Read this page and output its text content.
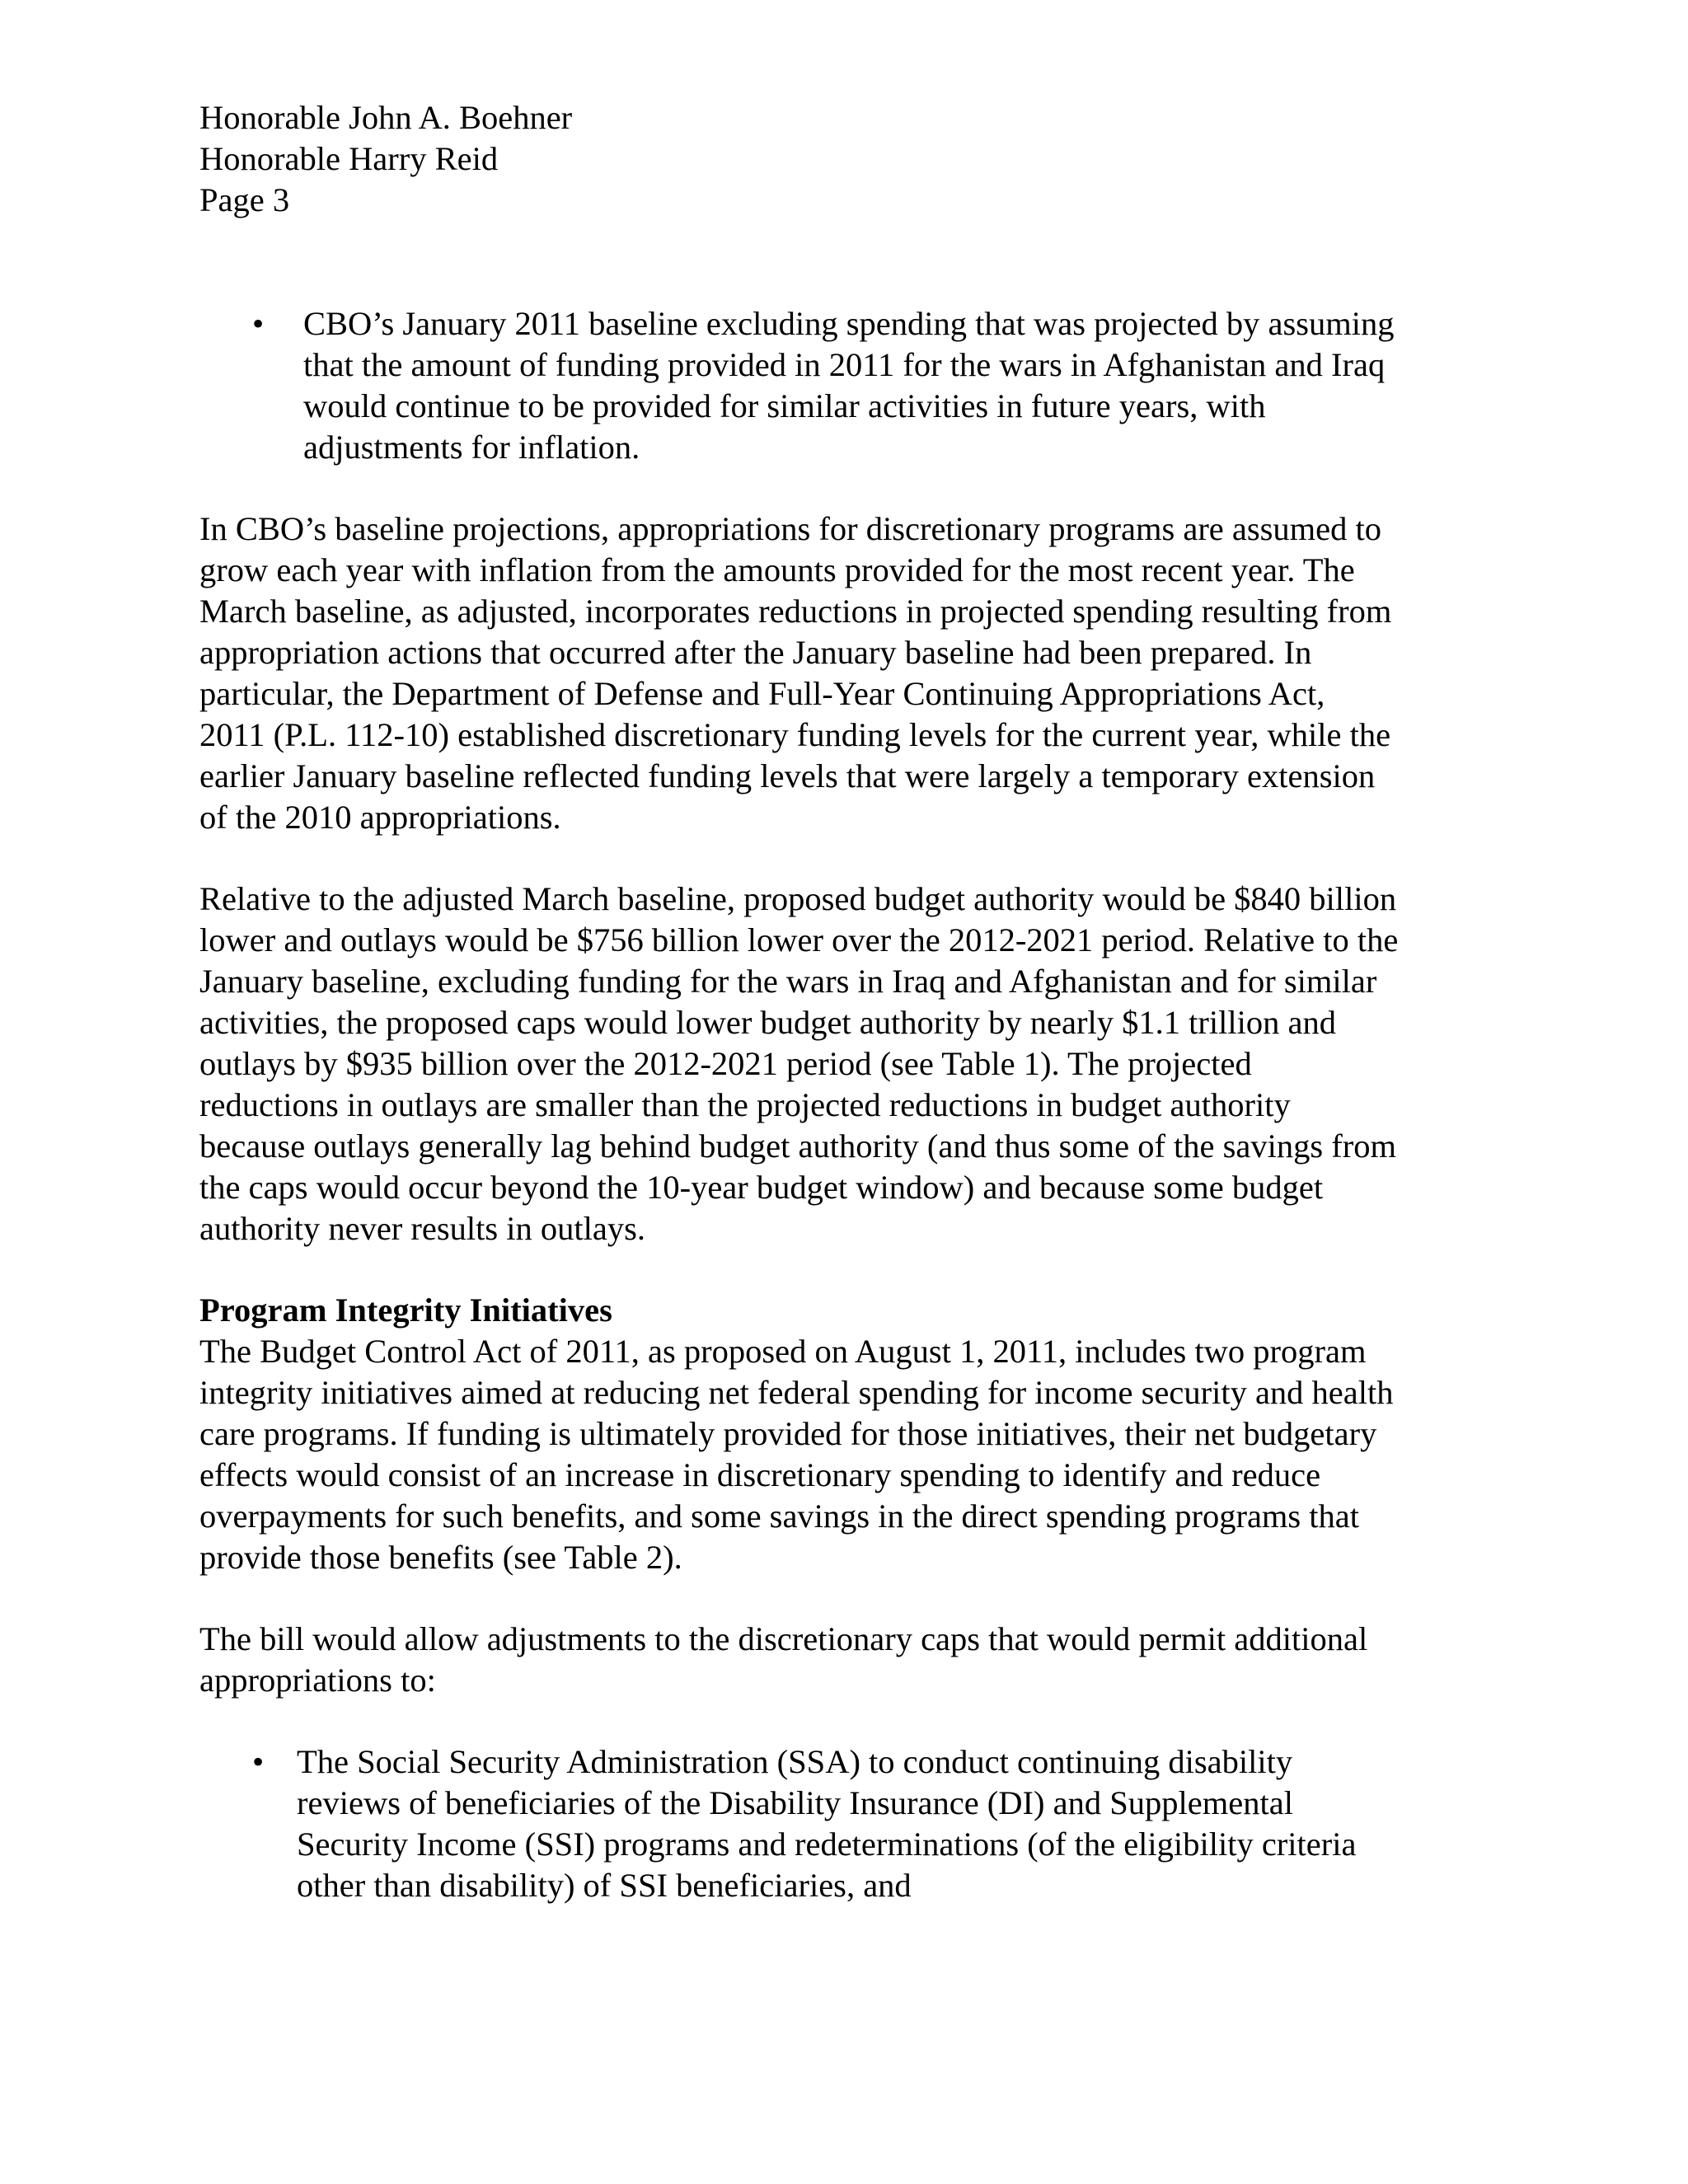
Honorable John A. Boehner
Honorable Harry Reid
Page 3
• CBO’s January 2011 baseline excluding spending that was projected by assuming
that the amount of funding provided in 2011 for the wars in Afghanistan and Iraq
would continue to be provided for similar activities in future years, with
adjustments for inflation.

In CBO’s baseline projections, appropriations for discretionary programs are assumed to
grow each year with inflation from the amounts provided for the most recent year. The
March baseline, as adjusted, incorporates reductions in projected spending resulting from
appropriation actions that occurred after the January baseline had been prepared. In
particular, the Department of Defense and Full-Year Continuing Appropriations Act,
2011 (P.L. 112-10) established discretionary funding levels for the current year, while the
earlier January baseline reflected funding levels that were largely a temporary extension
of the 2010 appropriations.

Relative to the adjusted March baseline, proposed budget authority would be $840 billion
lower and outlays would be $756 billion lower over the 2012-2021 period. Relative to the
January baseline, excluding funding for the wars in Iraq and Afghanistan and for similar
activities, the proposed caps would lower budget authority by nearly $1.1 trillion and
outlays by $935 billion over the 2012-2021 period (see Table 1). The projected
reductions in outlays are smaller than the projected reductions in budget authority
because outlays generally lag behind budget authority (and thus some of the savings from
the caps would occur beyond the 10-year budget window) and because some budget
authority never results in outlays.

Program Integrity Initiatives
The Budget Control Act of 2011, as proposed on August 1, 2011, includes two program
integrity initiatives aimed at reducing net federal spending for income security and health
care programs. If funding is ultimately provided for those initiatives, their net budgetary
effects would consist of an increase in discretionary spending to identify and reduce
overpayments for such benefits, and some savings in the direct spending programs that
provide those benefits (see Table 2).

The bill would allow adjustments to the discretionary caps that would permit additional
appropriations to:

• The Social Security Administration (SSA) to conduct continuing disability
reviews of beneficiaries of the Disability Insurance (DI) and Supplemental
Security Income (SSI) programs and redeterminations (of the eligibility criteria
other than disability) of SSI beneficiaries, and
